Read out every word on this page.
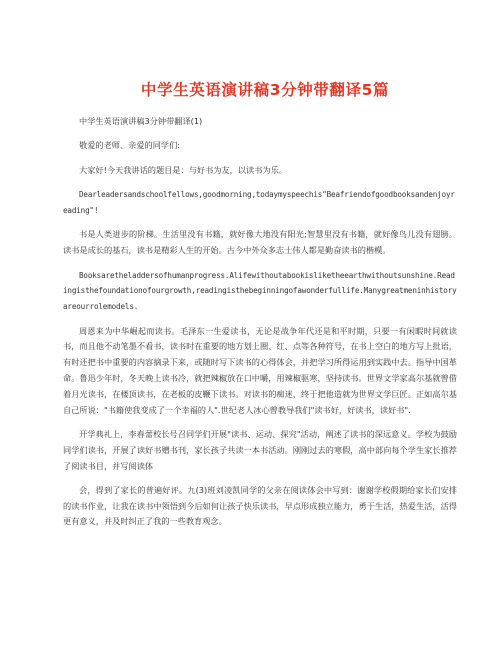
中学生英语演讲稿3分钟带翻译5篇

中学生英语演讲稿3分钟带翻译(1)

敬爱的老师、亲爱的同学们:

大家好!今天我讲话的题目是：与好书为友，以读书为乐。

Dearleadersandschoolfellows,goodmorning,todaymyspeechis"Beafriendofgoodbooksandenjoyreading"!

书是人类进步的阶梯。生活里没有书籍，就好像大地没有阳光;智慧里没有书籍，就好像鸟儿没有翅膀。读书是成长的基石，读书是精彩人生的开始。古今中外众多志士伟人都是勤奋读书的楷模。

Booksaretheladdersofhumanprogress.Alifewithoutabookisliketheearthwithoutsunshine.Readingisthefoundationofourgrowth,readingisthebeginningofawonderfullife.Manygreatmeninhistoryareourrolemodels.

周恩来为中华崛起而读书。毛泽东一生爱读书，无论是战争年代还是和平时期，只要一有闲暇时间就读书，而且他不动笔墨不看书，读书时在重要的地方划上圈、红、点等各种符号，在书上空白的地方写上批语，有时还把书中重要的内容摘录下来，或随时写下读书的心得体会，并把学习所得运用到实践中去。指导中国革命。鲁迅少年时，冬天晚上读书冷，就把辣椒放在口中嚼，用辣椒驱寒，坚持读书。世界文学家高尔基就曾借着月光读书，在楼顶读书，在老板的皮鞭下读书。对读书的痴迷，终于把他造就为世界文学巨匠。正如高尔基自己所说："书籍使我变成了一个幸福的人".世纪老人冰心曾教导我们"读书好，好读书，读好书".

开学典礼上，李春蕾校长号召同学们开展"读书、运动、探究"活动，阐述了读书的深远意义。学校为鼓励同学们读书，开展了读好书赠书刊，家长孩子共读一本书活动。刚刚过去的寒假，高中部向每个学生家长推荐了阅读书目，并写阅读体

会，得到了家长的普遍好评。九(3)班刘凌凯同学的父亲在阅读体会中写到：谢谢学校假期给家长们安排的读书作业，让我在读书中领悟到今后如何让孩子快乐读书，早点形成独立能力，勇于生活，热爱生活，活得更有意义，并及时纠正了我的一些教育观念。
